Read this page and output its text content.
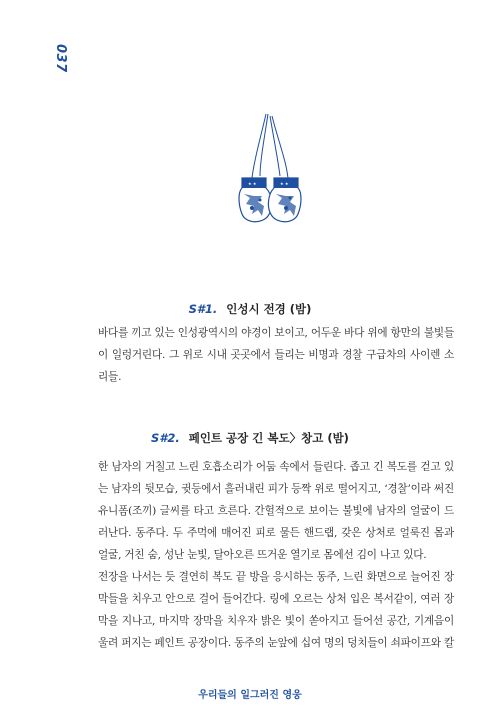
037
★ ★	★ ★
S#1. 인성시 전경 (밤)
바다를 끼고 있는 인성광역시의 야경이 보이고, 어두운 바다 위에 항만의 불빛들
이 일렁거린다. 그 위로 시내 곳곳에서 들리는 비명과 경찰 구급차의 사이렌 소
리들.
S#2. 페인트 공장 긴 복도〉창고 (밤)
한 남자의 거칠고 느린 호흡소리가 어둠 속에서 들린다. 좁고 긴 복도를 걷고 있
는 남자의 뒷모습, 귓등에서 흘러내린 피가 등짝 위로 떨어지고, ‘경찰’이라 써진
유니폼(조끼) 글씨를 타고 흐른다. 간헐적으로 보이는 불빛에 남자의 얼굴이 드
러난다. 동주다. 두 주먹에 매어진 피로 물든 핸드랩, 갖은 상처로 얼룩진 몸과
얼굴, 거친 숨, 성난 눈빛, 달아오른 뜨거운 열기로 몸에선 김이 나고 있다.
전장을 나서는 듯 결연히 복도 끝 방을 응시하는 동주, 느린 화면으로 늘어진 장
막들을 치우고 안으로 걸어 들어간다. 링에 오르는 상처 입은 복서같이, 여러 장
막을 지나고, 마지막 장막을 치우자 밝은 빛이 쏟아지고 들어선 공간, 기계음이
울려 퍼지는 페인트 공장이다. 동주의 눈앞에 십여 명의 덩치들이 쇠파이프와 칼
우리들의 일그러진 영웅
